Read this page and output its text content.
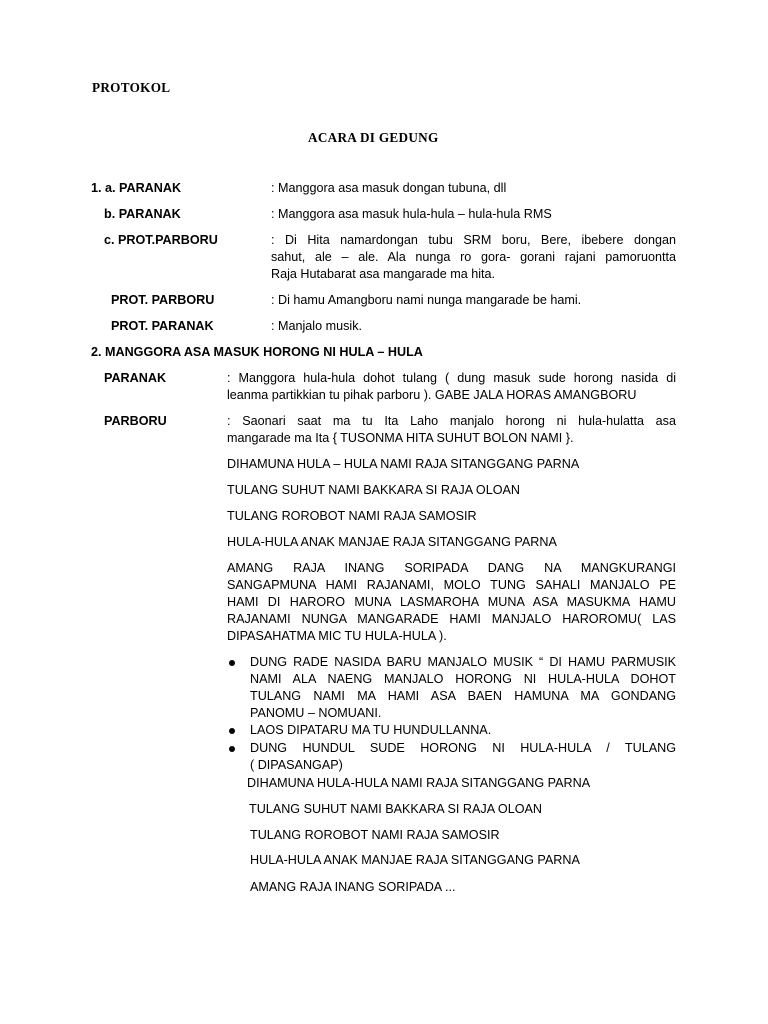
PROTOKOL
ACARA DI GEDUNG
1. a. PARANAK	: Manggora asa masuk dongan tubuna, dll
b. PARANAK	: Manggora asa masuk hula-hula – hula-hula RMS
c. PROT.PARBORU	: Di Hita namardongan tubu SRM boru, Bere, ibebere dongan
sahut, ale – ale. Ala nunga ro gora- gorani rajani pamoruontta
Raja Hutabarat asa mangarade ma hita.
PROT. PARBORU	: Di hamu Amangboru nami nunga mangarade be hami.
PROT. PARANAK	: Manjalo musik.
2. MANGGORA ASA MASUK HORONG NI HULA – HULA
PARANAK	: Manggora hula-hula dohot tulang ( dung masuk sude horong nasida di
leanma partikkian tu pihak parboru ). GABE JALA HORAS AMANGBORU
PARBORU	: Saonari saat ma tu Ita Laho manjalo horong ni hula-hulatta asa
mangarade ma Ita { TUSONMA HITA SUHUT BOLON NAMI }.
DIHAMUNA HULA – HULA NAMI RAJA SITANGGANG PARNA
TULANG SUHUT NAMI BAKKARA SI RAJA OLOAN
TULANG ROROBOT NAMI RAJA SAMOSIR
HULA-HULA ANAK MANJAE RAJA SITANGGANG PARNA
AMANG RAJA INANG SORIPADA DANG NA MANGKURANGI
SANGAPMUNA HAMI RAJANAMI, MOLO TUNG SAHALI MANJALO PE
HAMI DI HARORO MUNA LASMAROHA MUNA ASA MASUKMA HAMU
RAJANAMI NUNGA MANGARADE HAMI MANJALO HAROROMU( LAS
DIPASAHATMA MIC TU HULA-HULA ).
DUNG RADE NASIDA BARU MANJALO MUSIK “ DI HAMU PARMUSIK
NAMI ALA NAENG MANJALO HORONG NI HULA-HULA DOHOT
TULANG NAMI MA HAMI ASA BAEN HAMUNA MA GONDANG
PANOMU – NOMUANI.
LAOS DIPATARU MA TU HUNDULLANNA.
DUNG HUNDUL SUDE HORONG NI HULA-HULA / TULANG
( DIPASANGAP)
DIHAMUNA HULA-HULA NAMI RAJA SITANGGANG PARNA
TULANG SUHUT NAMI BAKKARA SI RAJA OLOAN
TULANG ROROBOT NAMI RAJA SAMOSIR
HULA-HULA ANAK MANJAE RAJA SITANGGANG PARNA
AMANG RAJA INANG SORIPADA ...
